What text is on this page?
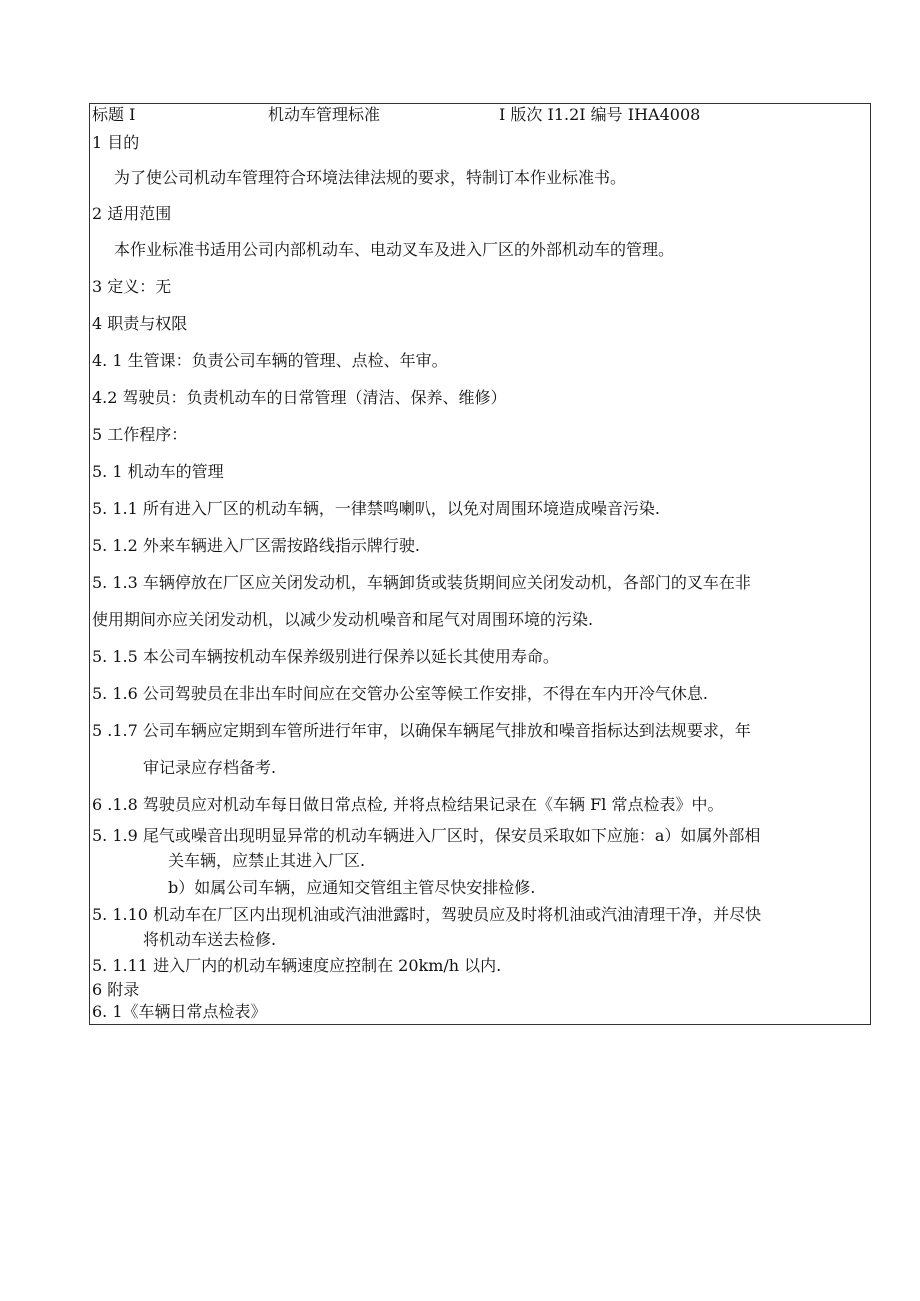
标题 I	机动车管理标准	I 版次 I1.2I 编号 IHA4008
1 目的
为了使公司机动车管理符合环境法律法规的要求，特制订本作业标准书。
2 适用范围
本作业标准书适用公司内部机动车、电动叉车及进入厂区的外部机动车的管理。
3 定义：无
4 职责与权限
4. 1 生管课：负责公司车辆的管理、点检、年审。
4.2 驾驶员：负责机动车的日常管理（清洁、保养、维修）
5 工作程序：
5. 1 机动车的管理
5. 1.1 所有进入厂区的机动车辆，一律禁鸣喇叭，以免对周围环境造成噪音污染.
5. 1.2 外来车辆进入厂区需按路线指示牌行驶.
5. 1.3 车辆停放在厂区应关闭发动机，车辆卸货或装货期间应关闭发动机，各部门的叉车在非
使用期间亦应关闭发动机，以减少发动机噪音和尾气对周围环境的污染.
5. 1.5 本公司车辆按机动车保养级别进行保养以延长其使用寿命。
5. 1.6 公司驾驶员在非出车时间应在交管办公室等候工作安排，不得在车内开冷气休息.
5 .1.7 公司车辆应定期到车管所进行年审，以确保车辆尾气排放和噪音指标达到法规要求，年
审记录应存档备考.
6 .1.8 驾驶员应对机动车每日做日常点检, 并将点检结果记录在《车辆 Fl 常点检表》中。
5. 1.9 尾气或噪音出现明显异常的机动车辆进入厂区时，保安员采取如下应施：a）如属外部相
关车辆，应禁止其进入厂区.
b）如属公司车辆，应通知交管组主管尽快安排检修.
5. 1.10 机动车在厂区内出现机油或汽油泄露时，驾驶员应及时将机油或汽油清理干净，并尽快
将机动车送去检修.
5. 1.11 进入厂内的机动车辆速度应控制在 20km/h 以内.
6 附录
6. 1《车辆日常点检表》
